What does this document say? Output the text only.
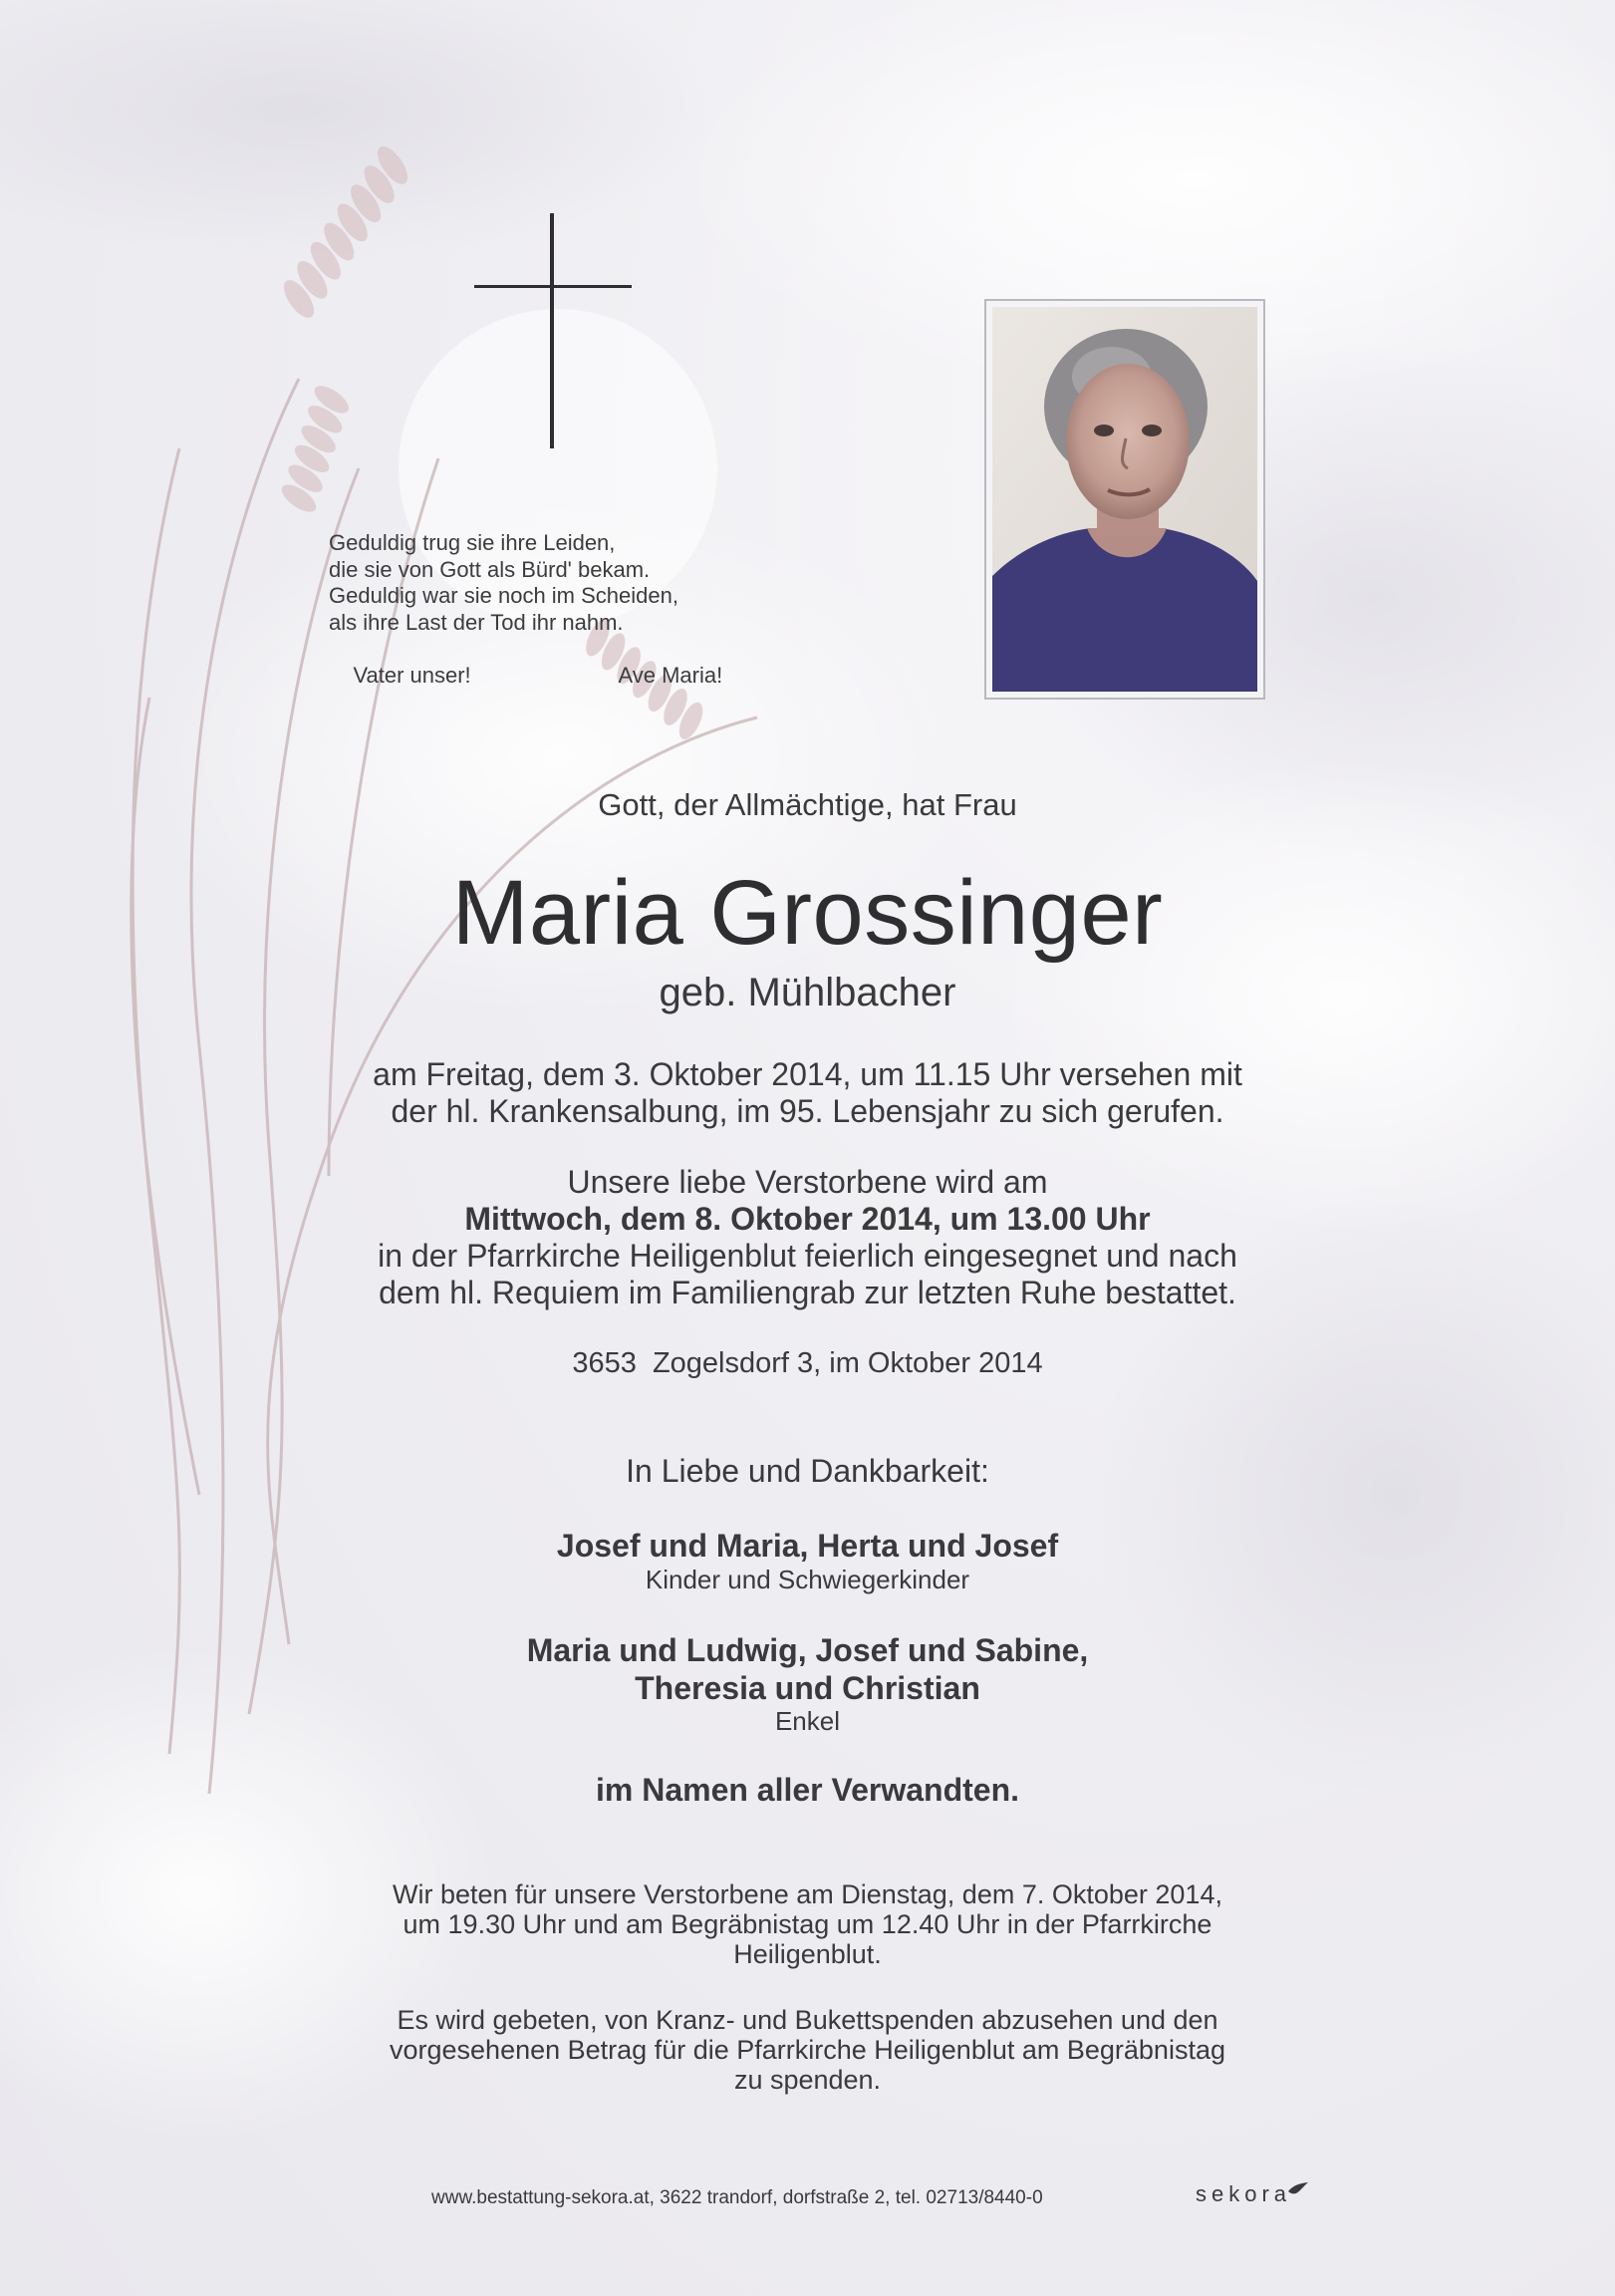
Geduldig trug sie ihre Leiden,
die sie von Gott als Bürd' bekam.
Geduldig war sie noch im Scheiden,
als ihre Last der Tod ihr nahm.

Vater unser!	Ave Maria!

Gott, der Allmächtige, hat Frau
Maria Grossinger
geb. Mühlbacher
am Freitag, dem 3. Oktober 2014, um 11.15 Uhr versehen mit
der hl. Krankensalbung, im 95. Lebensjahr zu sich gerufen.
Unsere liebe Verstorbene wird am
Mittwoch, dem 8. Oktober 2014, um 13.00 Uhr
in der Pfarrkirche Heiligenblut feierlich eingesegnet und nach
dem hl. Requiem im Familiengrab zur letzten Ruhe bestattet.
3653  Zogelsdorf 3, im Oktober 2014
In Liebe und Dankbarkeit:
Josef und Maria, Herta und Josef
Kinder und Schwiegerkinder
Maria und Ludwig, Josef und Sabine,
Theresia und Christian
Enkel
im Namen aller Verwandten.
Wir beten für unsere Verstorbene am Dienstag, dem 7. Oktober 2014,
um 19.30 Uhr und am Begräbnistag um 12.40 Uhr in der Pfarrkirche
Heiligenblut.
Es wird gebeten, von Kranz- und Bukettspenden abzusehen und den
vorgesehenen Betrag für die Pfarrkirche Heiligenblut am Begräbnistag
zu spenden.
www.bestattung-sekora.at, 3622 trandorf, dorfstraße 2, tel. 02713/8440-0	sekora
